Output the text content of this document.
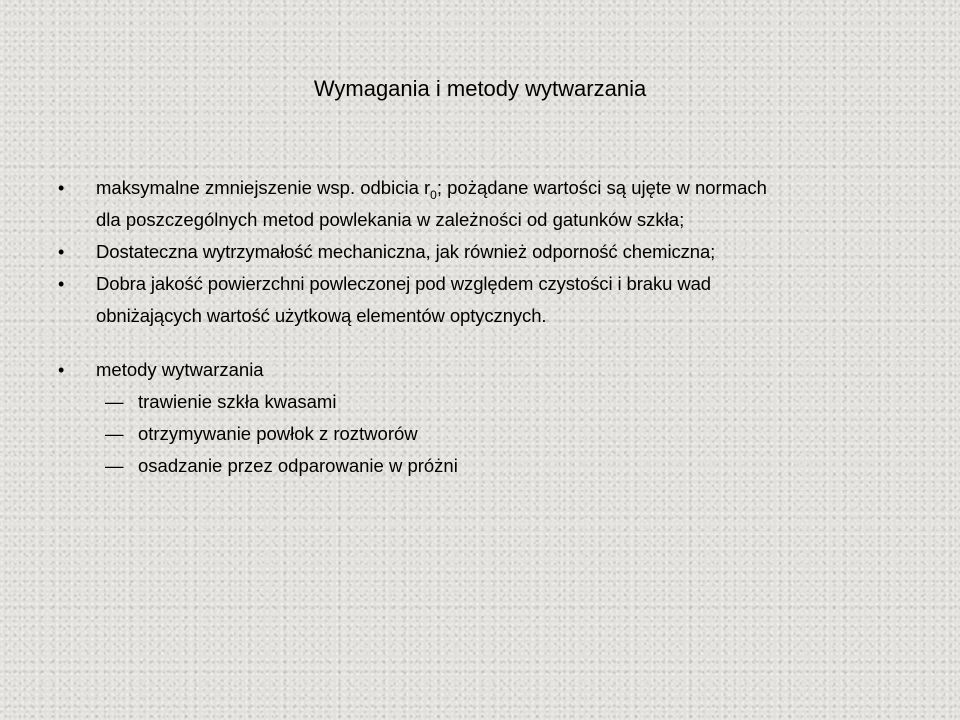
Wymagania i metody wytwarzania
•	maksymalne zmniejszenie wsp. odbicia $r_0$; pożądane wartości są ujęte w normach
dla poszczególnych metod powlekania w zależności od gatunków szkła;
•	Dostateczna wytrzymałość mechaniczna, jak również odporność chemiczna;
•	Dobra jakość powierzchni powleczonej pod względem czystości i braku wad
obniżających wartość użytkową elementów optycznych.
•	metody wytwarzania
— trawienie szkła kwasami
— otrzymywanie powłok z roztworów
— osadzanie przez odparowanie w próżni
